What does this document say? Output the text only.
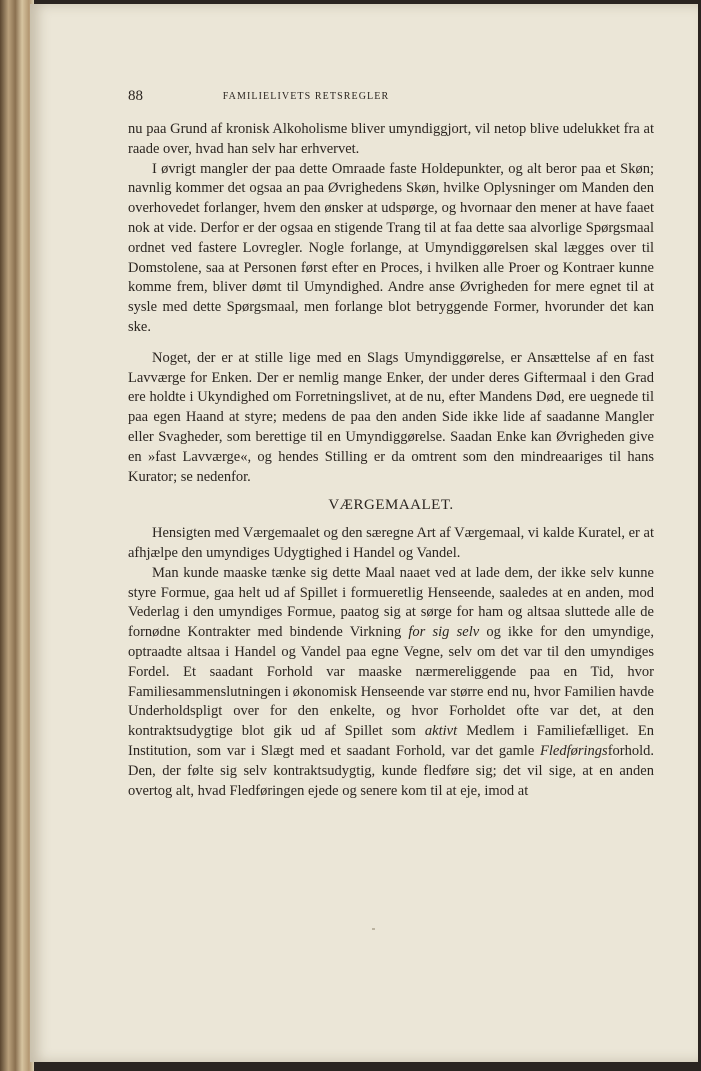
88	FAMILIELIVETS RETSREGLER

nu paa Grund af kronisk Alkoholisme bliver umyndiggjort, vil netop blive udelukket fra at raade over, hvad han selv har erhvervet.

I øvrigt mangler der paa dette Omraade faste Holdepunkter, og alt beror paa et Skøn; navnlig kommer det ogsaa an paa Øvrighedens Skøn, hvilke Oplysninger om Manden den overhovedet forlanger, hvem den ønsker at udspørge, og hvornaar den mener at have faaet nok at vide. Derfor er der ogsaa en stigende Trang til at faa dette saa alvorlige Spørgsmaal ordnet ved fastere Lovregler. Nogle forlange, at Umyndiggørelsen skal lægges over til Domstolene, saa at Personen først efter en Proces, i hvilken alle Proer og Kontraer kunne komme frem, bliver dømt til Umyndighed. Andre anse Øvrigheden for mere egnet til at sysle med dette Spørgsmaal, men forlange blot betryggende Former, hvorunder det kan ske.

Noget, der er at stille lige med en Slags Umyndiggørelse, er Ansættelse af en fast Lavværge for Enken. Der er nemlig mange Enker, der under deres Giftermaal i den Grad ere holdte i Ukyndighed om Forretningslivet, at de nu, efter Mandens Død, ere uegnede til paa egen Haand at styre; medens de paa den anden Side ikke lide af saadanne Mangler eller Svagheder, som berettige til en Umyndiggørelse. Saadan Enke kan Øvrigheden give en »fast Lavværge«, og hendes Stilling er da omtrent som den mindreaariges til hans Kurator; se nedenfor.

VÆRGEMAALET.

Hensigten med Værgemaalet og den særegne Art af Værgemaal, vi kalde Kuratel, er at afhjælpe den umyndiges Udygtighed i Handel og Vandel.

Man kunde maaske tænke sig dette Maal naaet ved at lade dem, der ikke selv kunne styre Formue, gaa helt ud af Spillet i formueretlig Henseende, saaledes at en anden, mod Vederlag i den umyndiges Formue, paatog sig at sørge for ham og altsaa sluttede alle de fornødne Kontrakter med bindende Virkning for sig selv og ikke for den umyndige, optraadte altsaa i Handel og Vandel paa egne Vegne, selv om det var til den umyndiges Fordel. Et saadant Forhold var maaske nærmereliggende paa en Tid, hvor Familiesammenslutningen i økonomisk Henseende var større end nu, hvor Familien havde Underholdspligt over for den enkelte, og hvor Forholdet ofte var det, at den kontraktsudygtige blot gik ud af Spillet som aktivt Medlem i Familiefælliget. En Institution, som var i Slægt med et saadant Forhold, var det gamle Fledføringsforhold. Den, der følte sig selv kontraktsudygtig, kunde fledføre sig; det vil sige, at en anden overtog alt, hvad Fledføringen ejede og senere kom til at eje, imod at
